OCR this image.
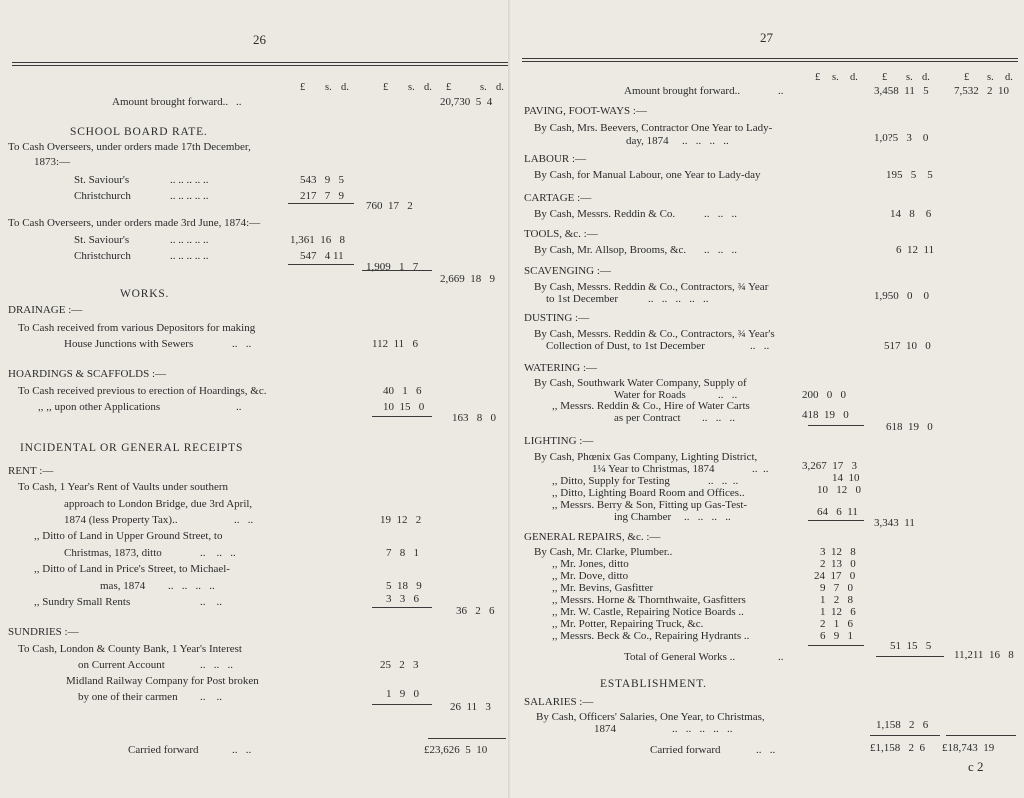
26
£ s. d.	£ s. d. £	s. d.
Amount brought forward.. ..	20,730 5 4
SCHOOL BOARD RATE.
To Cash Overseers, under orders made 17th December,
1873:—
St. Saviour's	.. .. .. .. ..	543 9 5
Christchurch	.. .. .. .. ..	217 7 9
760 17 2
To Cash Overseers, under orders made 3rd June, 1874:—
St. Saviour's	.. .. .. .. ..	1,361 16 8
Christchurch	.. .. .. .. ..	547 4 11
1,909 1 7
2,669 18 9
WORKS.
DRAINAGE :—
To Cash received from various Depositors for making
House Junctions with Sewers	..   ..	112 11 6
HOARDINGS & SCAFFOLDS :—
To Cash received previous to erection of Hoardings, &c.	40 1 6
,, ,, upon other Applications	..	10 15 0
163 8 0
INCIDENTAL OR GENERAL RECEIPTS
RENT :—
To Cash, 1 Year's Rent of Vaults under southern
approach to London Bridge, due 3rd April,
1874 (less Property Tax)..	..   ..	19 12 2
,, Ditto of Land in Upper Ground Street, to
Christmas, 1873, ditto	..    ..   ..	7 8 1
,, Ditto of Land in Price's Street, to Michael-
mas, 1874 ..   ..   ..   ..	5 18 9
,, Sundry Small Rents	..    ..	3 3 6
36 2 6
SUNDRIES :—
To Cash, London & County Bank, 1 Year's Interest
on Current Account	..   ..   ..	25 2 3
Midland Railway Company for Post broken
by one of their carmen ..    ..	1 9 0
26 11 3
Carried forward	..   ..	£23,626 5 10
27
£ s. d. £ s. d.	£ s. d.
Amount brought forward..	..	3,458 11 5 7,532 2 10
PAVING, FOOT-WAYS :—
By Cash, Mrs. Beevers, Contractor One Year to Lady-
day, 1874 ..   ..   ..   ..	1,0?5 3 0
LABOUR :—
By Cash, for Manual Labour, one Year to Lady-day	195 5 5
CARTAGE :—
By Cash, Messrs. Reddin & Co.	..   ..   ..	14 8 6
TOOLS, &c. :—
By Cash, Mr. Allsop, Brooms, &c. ..   ..   ..	6 12 11
SCAVENGING :—
By Cash, Messrs. Reddin & Co., Contractors, ¾ Year
to 1st December	..   ..   ..   ..   ..	1,950 0 0
DUSTING :—
By Cash, Messrs. Reddin & Co., Contractors, ¾ Year's
Collection of Dust, to 1st December	..   ..	517 10 0
WATERING :—
By Cash, Southwark Water Company, Supply of
Water for Roads	..   ..	200 0 0
,, Messrs. Reddin & Co., Hire of Water Carts
as per Contract ..   ..   ..	418 19 0
618 19 0
LIGHTING :—
By Cash, Phœnix Gas Company, Lighting District,
1¼ Year to Christmas, 1874	..  ..	3,267 17 3
,, Ditto, Supply for Testing	..   ..  ..	14 10
,, Ditto, Lighting Board Room and Offices..	10 12 0
,, Messrs. Berry & Son, Fitting up Gas-Test-
ing Chamber ..   ..   ..   ..	64 6 11
3,343 11
GENERAL REPAIRS, &c. :—
By Cash, Mr. Clarke, Plumber..	3 12 8
,, Mr. Jones, ditto	2 13 0
,, Mr. Dove, ditto	24 17 0
,, Mr. Bevins, Gasfitter	9 7 0
,, Messrs. Horne & Thornthwaite, Gasfitters	1 2 8
,, Mr. W. Castle, Repairing Notice Boards ..	1 12 6
,, Mr. Potter, Repairing Truck, &c.	2 1 6
,, Messrs. Beck & Co., Repairing Hydrants ..	6 9 1
51 15 5
Total of General Works ..	..	11,211 16 8
ESTABLISHMENT.
SALARIES :—
By Cash, Officers' Salaries, One Year, to Christmas,
1874	..   ..   ..   ..   ..	1,158 2 6
Carried forward	..   ..	£1,158 2 6 £18,743 19
c 2
